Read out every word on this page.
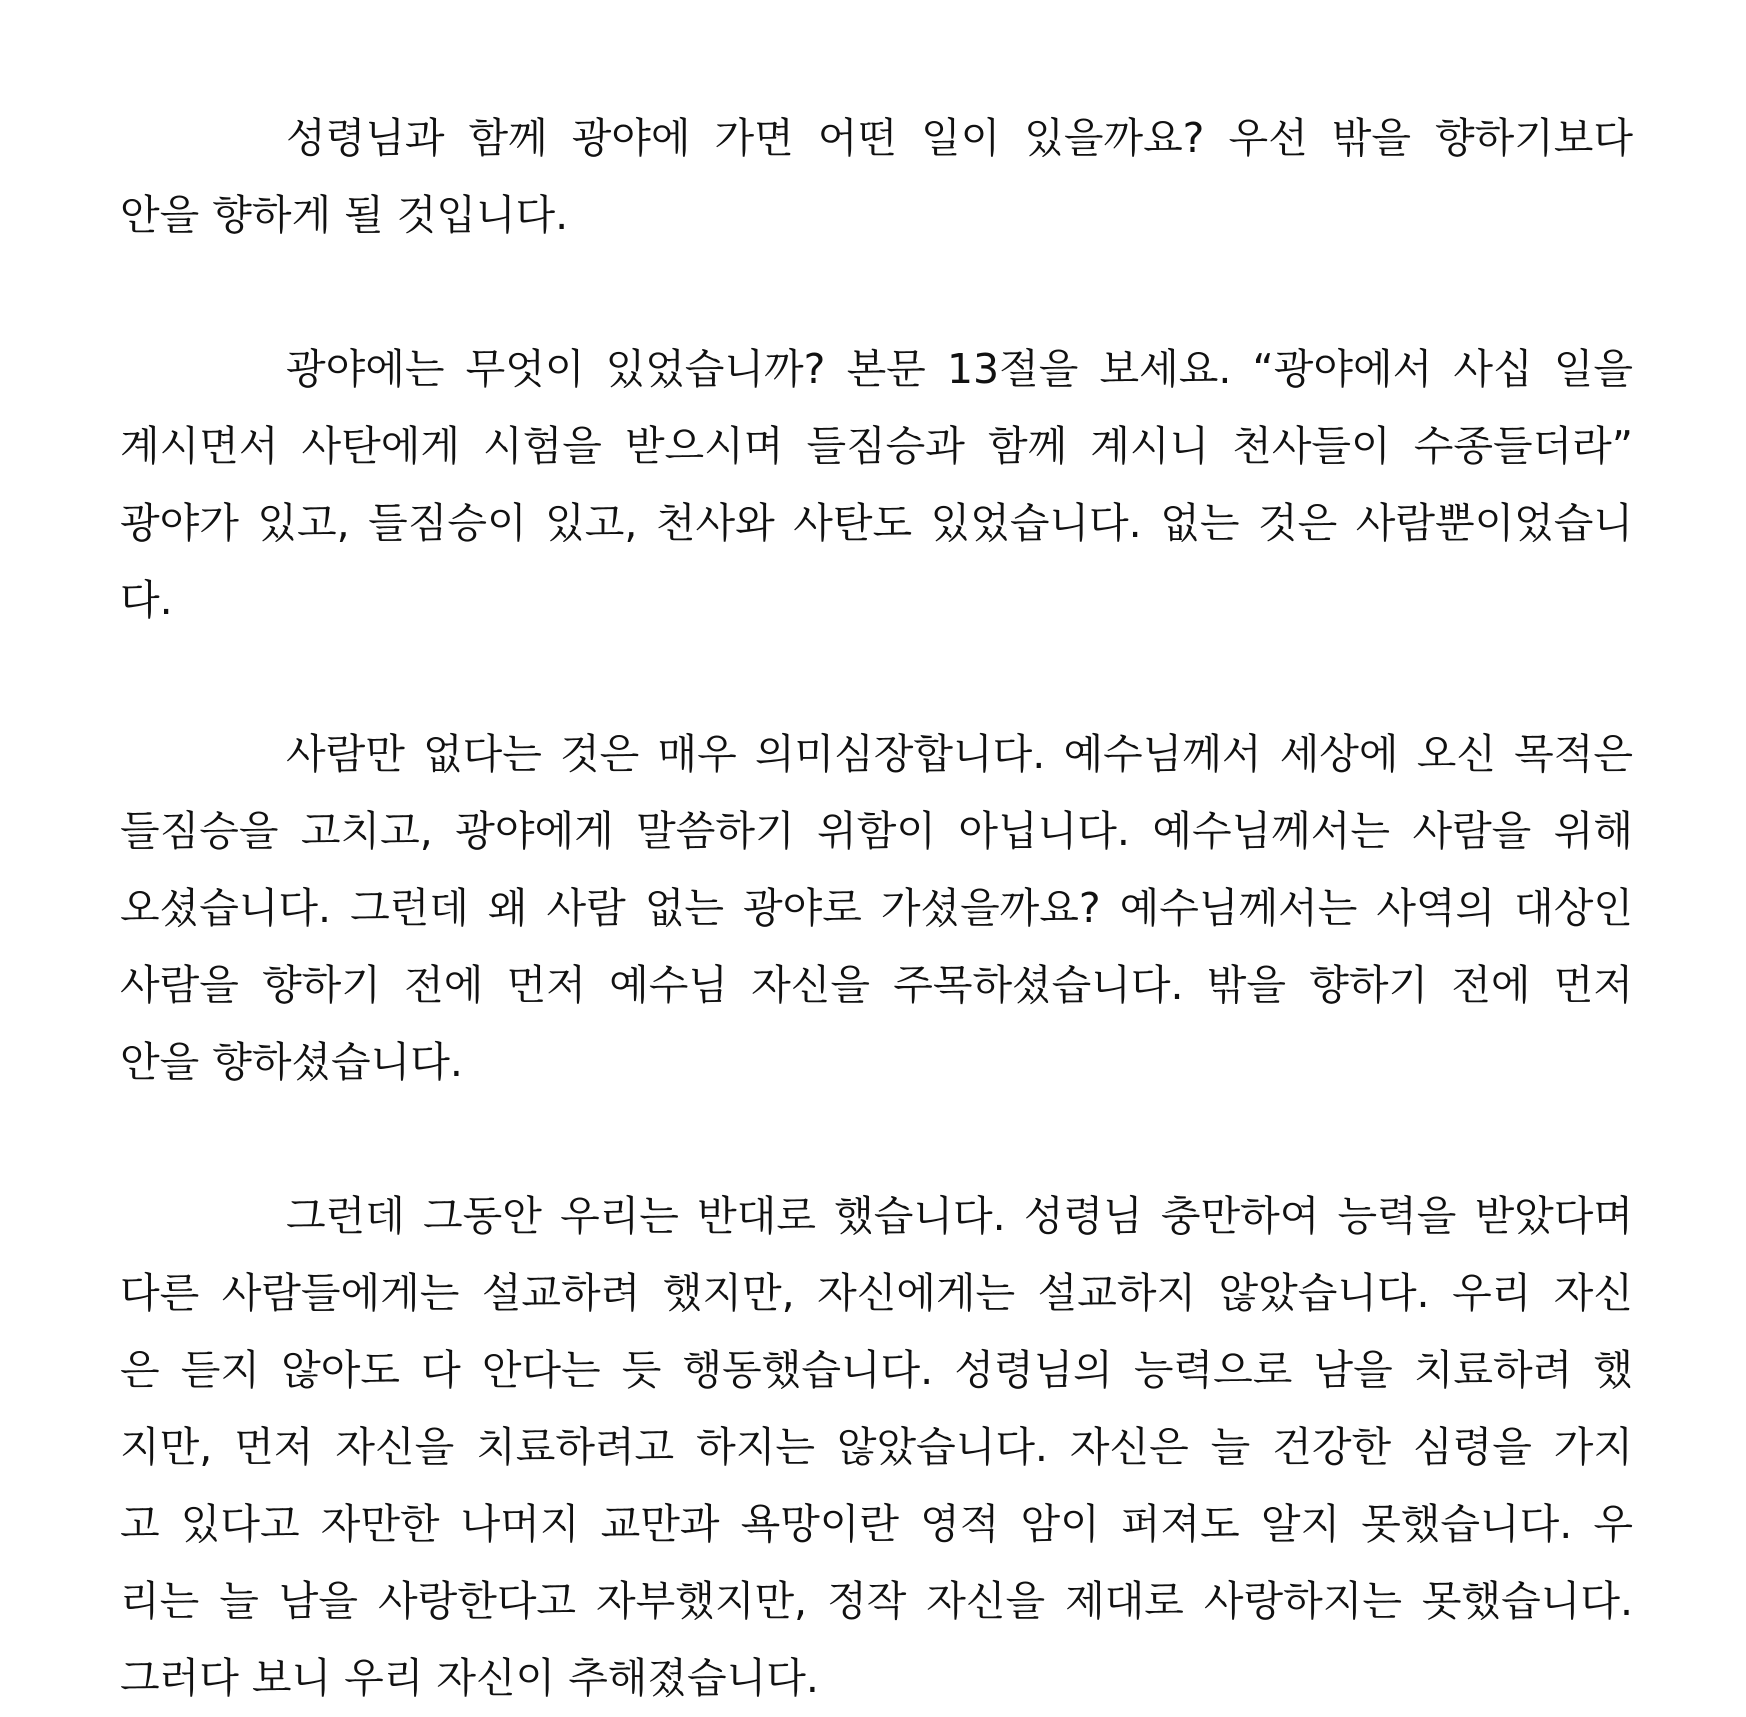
성령님과 함께 광야에 가면 어떤 일이 있을까요? 우선 밖을 향하기보다
안을 향하게 될 것입니다.
광야에는 무엇이 있었습니까? 본문 13절을 보세요. “광야에서 사십 일을
계시면서 사탄에게 시험을 받으시며 들짐승과 함께 계시니 천사들이 수종들더라”
광야가 있고, 들짐승이 있고, 천사와 사탄도 있었습니다. 없는 것은 사람뿐이었습니
다.
사람만 없다는 것은 매우 의미심장합니다. 예수님께서 세상에 오신 목적은
들짐승을 고치고, 광야에게 말씀하기 위함이 아닙니다. 예수님께서는 사람을 위해
오셨습니다. 그런데 왜 사람 없는 광야로 가셨을까요? 예수님께서는 사역의 대상인
사람을 향하기 전에 먼저 예수님 자신을 주목하셨습니다. 밖을 향하기 전에 먼저
안을 향하셨습니다.
그런데 그동안 우리는 반대로 했습니다. 성령님 충만하여 능력을 받았다며
다른 사람들에게는 설교하려 했지만, 자신에게는 설교하지 않았습니다. 우리 자신
은 듣지 않아도 다 안다는 듯 행동했습니다. 성령님의 능력으로 남을 치료하려 했
지만, 먼저 자신을 치료하려고 하지는 않았습니다. 자신은 늘 건강한 심령을 가지
고 있다고 자만한 나머지 교만과 욕망이란 영적 암이 퍼져도 알지 못했습니다. 우
리는 늘 남을 사랑한다고 자부했지만, 정작 자신을 제대로 사랑하지는 못했습니다.
그러다 보니 우리 자신이 추해졌습니다.
